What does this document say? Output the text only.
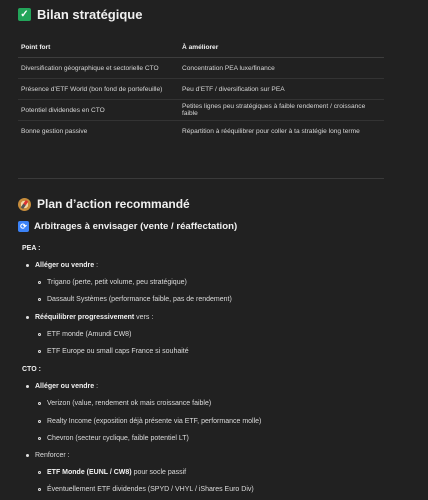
✓ Bilan stratégique
Point fort	À améliorer
Diversification géographique et sectorielle CTO	Concentration PEA luxe/finance
Présence d’ETF World (bon fond de portefeuille)	Peu d’ETF / diversification sur PEA
Potentiel dividendes en CTO	Petites lignes peu stratégiques à faible rendement / croissance faible
Bonne gestion passive	Répartition à rééquilibrer pour coller à ta stratégie long terme
Plan d’action recommandé
⟳ Arbitrages à envisager (vente / réaffectation)
PEA :
Alléger ou vendre :
Trigano (perte, petit volume, peu stratégique)
Dassault Systèmes (performance faible, pas de rendement)
Rééquilibrer progressivement vers :
ETF monde (Amundi CW8)
ETF Europe ou small caps France si souhaité
CTO :
Alléger ou vendre :
Verizon (value, rendement ok mais croissance faible)
Realty Income (exposition déjà présente via ETF, performance molle)
Chevron (secteur cyclique, faible potentiel LT)
Renforcer :
ETF Monde (EUNL / CW8) pour socle passif
Éventuellement ETF dividendes (SPYD / VHYL / iShares Euro Div)
